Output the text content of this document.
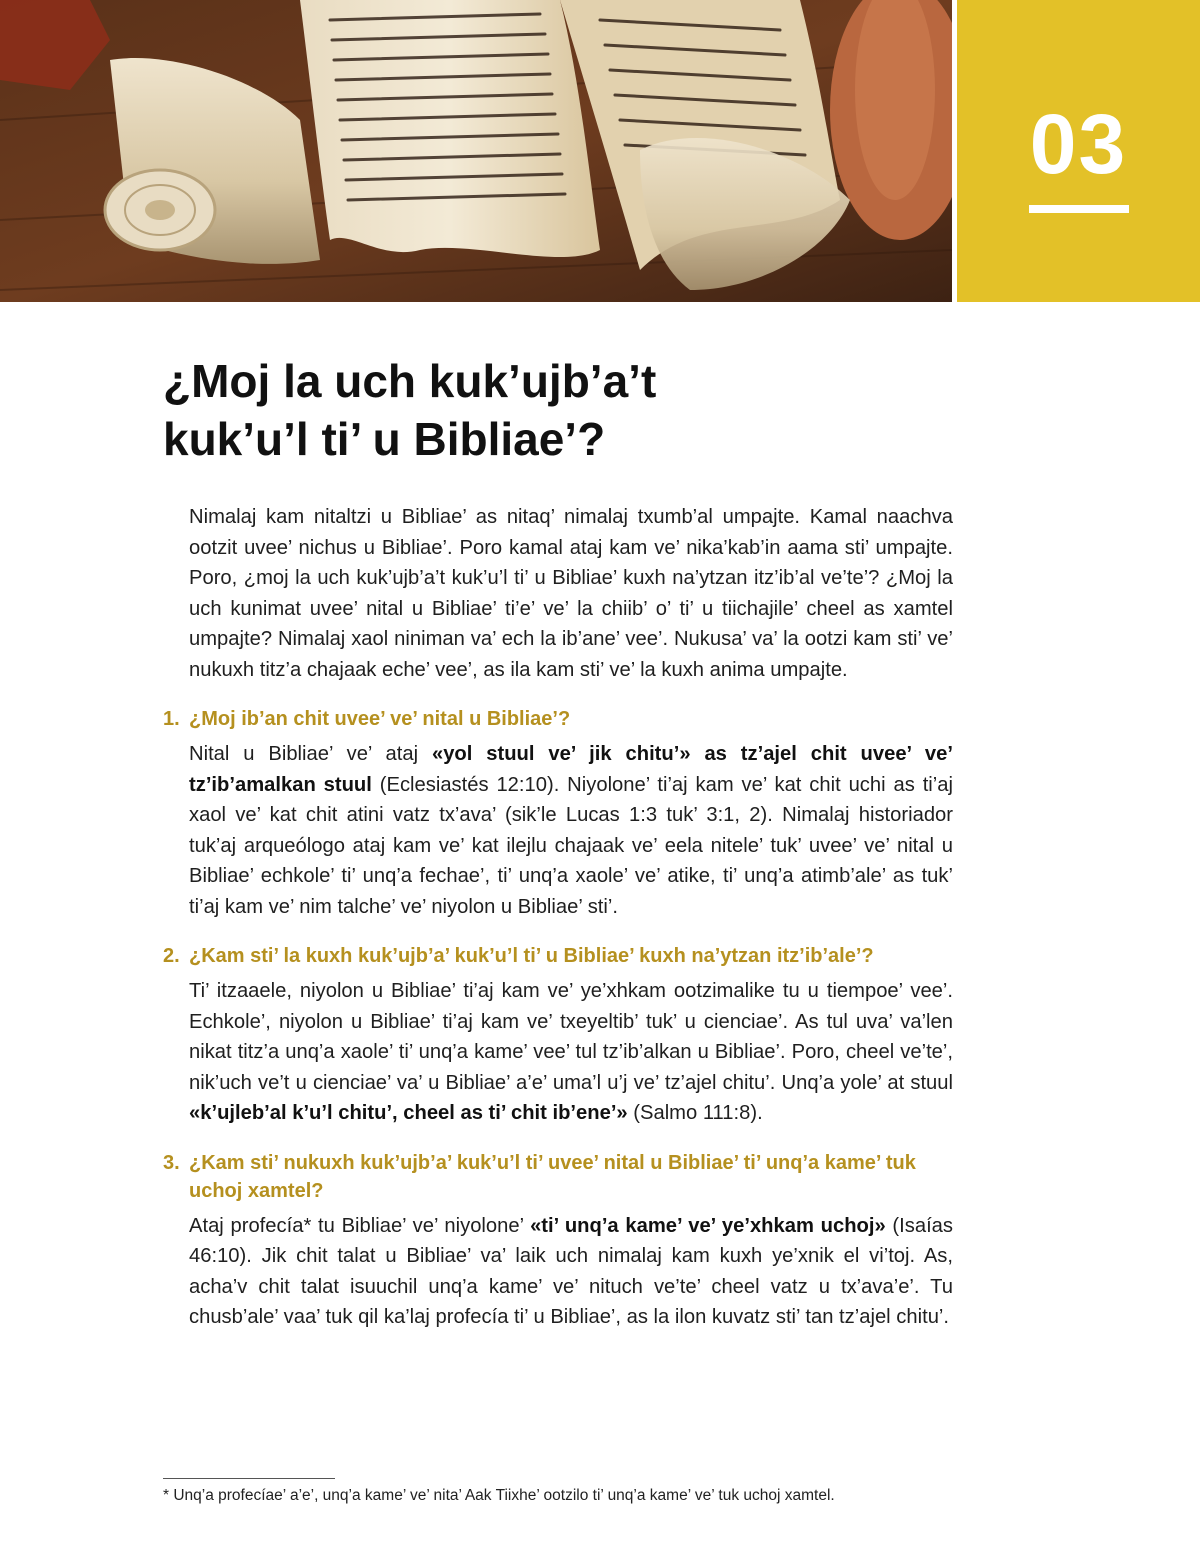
03
¿Moj la uch kuk’ujb’a’t
kuk’u’l ti’ u Bibliae’?

Nimalaj kam nitaltzi u Bibliae’ as nitaq’ nimalaj txumb’al umpajte. Kamal naachva ootzit uvee’ nichus u Bibliae’. Poro kamal ataj kam ve’ nika’kab’in aama sti’ umpajte. Poro, ¿moj la uch kuk’ujb’a’t kuk’u’l ti’ u Bibliae’ kuxh na’ytzan itz’ib’al ve’te’? ¿Moj la uch kunimat uvee’ nital u Bibliae’ ti’e’ ve’ la chiib’ o’ ti’ u tiichajile’ cheel as xamtel umpajte? Nimalaj xaol niniman va’ ech la ib’ane’ vee’. Nukusa’ va’ la ootzi kam sti’ ve’ nukuxh titz’a chajaak eche’ vee’, as ila kam sti’ ve’ la kuxh anima umpajte.

1. ¿Moj ib’an chit uvee’ ve’ nital u Bibliae’?

Nital u Bibliae’ ve’ ataj «yol stuul ve’ jik chitu’» as tz’ajel chit uvee’ ve’ tz’ib’amalkan stuul (Eclesiastés 12:10). Niyolone’ ti’aj kam ve’ kat chit uchi as ti’aj xaol ve’ kat chit atini vatz tx’ava’ (sik’le Lucas 1:3 tuk’ 3:1, 2). Nimalaj historiador tuk’aj arqueólogo ataj kam ve’ kat ilejlu chajaak ve’ eela nitele’ tuk’ uvee’ ve’ nital u Bibliae’ echkole’ ti’ unq’a fechae’, ti’ unq’a xaole’ ve’ atike, ti’ unq’a atimb’ale’ as tuk’ ti’aj kam ve’ nim talche’ ve’ niyolon u Bibliae’ sti’.

2. ¿Kam sti’ la kuxh kuk’ujb’a’ kuk’u’l ti’ u Bibliae’ kuxh na’ytzan itz’ib’ale’?

Ti’ itzaaele, niyolon u Bibliae’ ti’aj kam ve’ ye’xhkam ootzimalike tu u tiempoe’ vee’. Echkole’, niyolon u Bibliae’ ti’aj kam ve’ txeyeltib’ tuk’ u cienciae’. As tul uva’ va’len nikat titz’a unq’a xaole’ ti’ unq’a kame’ vee’ tul tz’ib’alkan u Bibliae’. Poro, cheel ve’te’, nik’uch ve’t u cienciae’ va’ u Bibliae’ a’e’ uma’l u’j ve’ tz’ajel chitu’. Unq’a yole’ at stuul «k’ujleb’al k’u’l chitu’, cheel as ti’ chit ib’ene’» (Salmo 111:8).

3. ¿Kam sti’ nukuxh kuk’ujb’a’ kuk’u’l ti’ uvee’ nital u Bibliae’ ti’ unq’a kame’ tuk uchoj xamtel?

Ataj profecía* tu Bibliae’ ve’ niyolone’ «ti’ unq’a kame’ ve’ ye’xhkam uchoj» (Isaías 46:10). Jik chit talat u Bibliae’ va’ laik uch nimalaj kam kuxh ye’xnik el vi’toj. As, acha’v chit talat isuuchil unq’a kame’ ve’ nituch ve’te’ cheel vatz u tx’ava’e’. Tu chusb’ale’ vaa’ tuk qil ka’laj profecía ti’ u Bibliae’, as la ilon kuvatz sti’ tan tz’ajel chitu’.

* Unq’a profecíae’ a’e’, unq’a kame’ ve’ nita’ Aak Tiixhe’ ootzilo ti’ unq’a kame’ ve’ tuk uchoj xamtel.
